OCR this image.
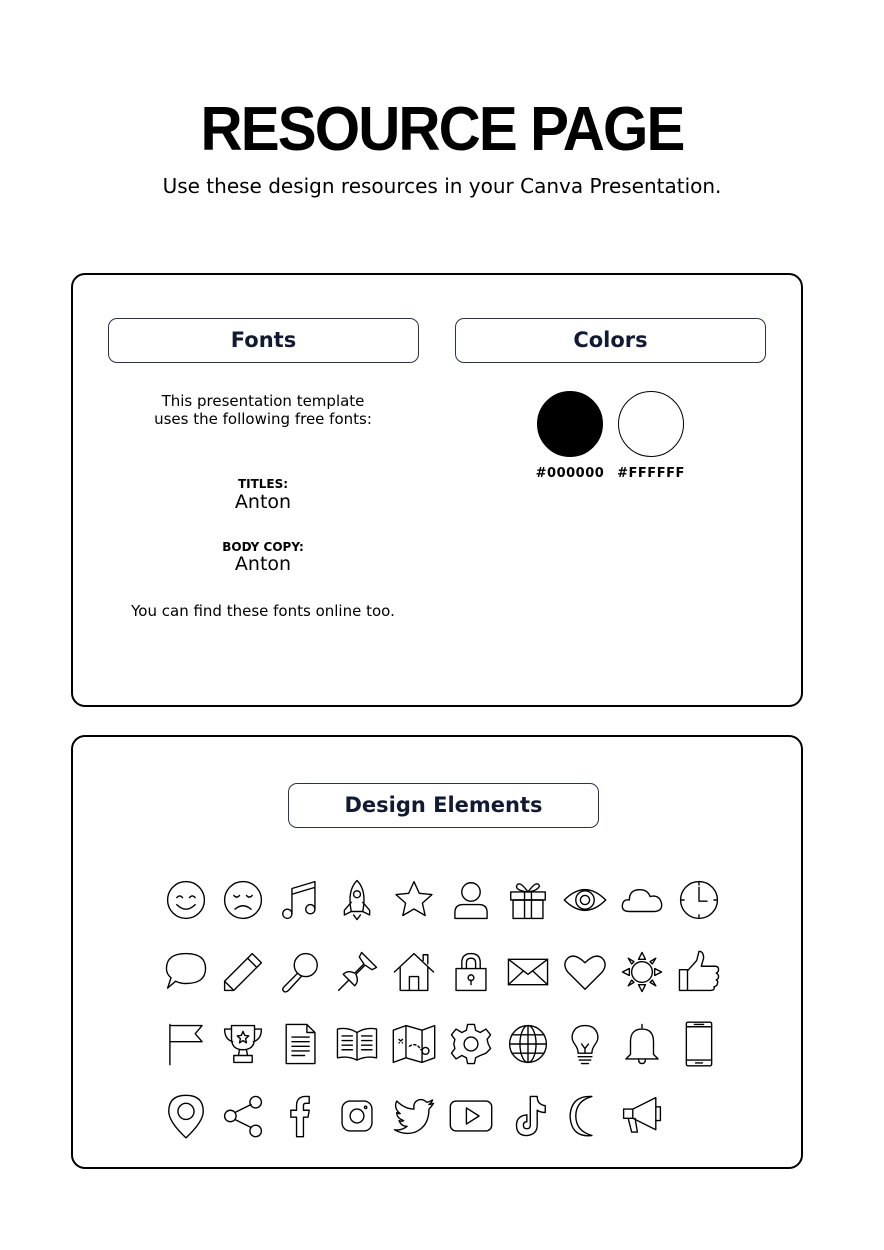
RESOURCE PAGE
Use these design resources in your Canva Presentation.
Fonts	Colors
This presentation template
uses the following free fonts:
TITLES:
Anton
BODY COPY:
Anton
You can find these fonts online too.
#000000 #FFFFFF
Design Elements
